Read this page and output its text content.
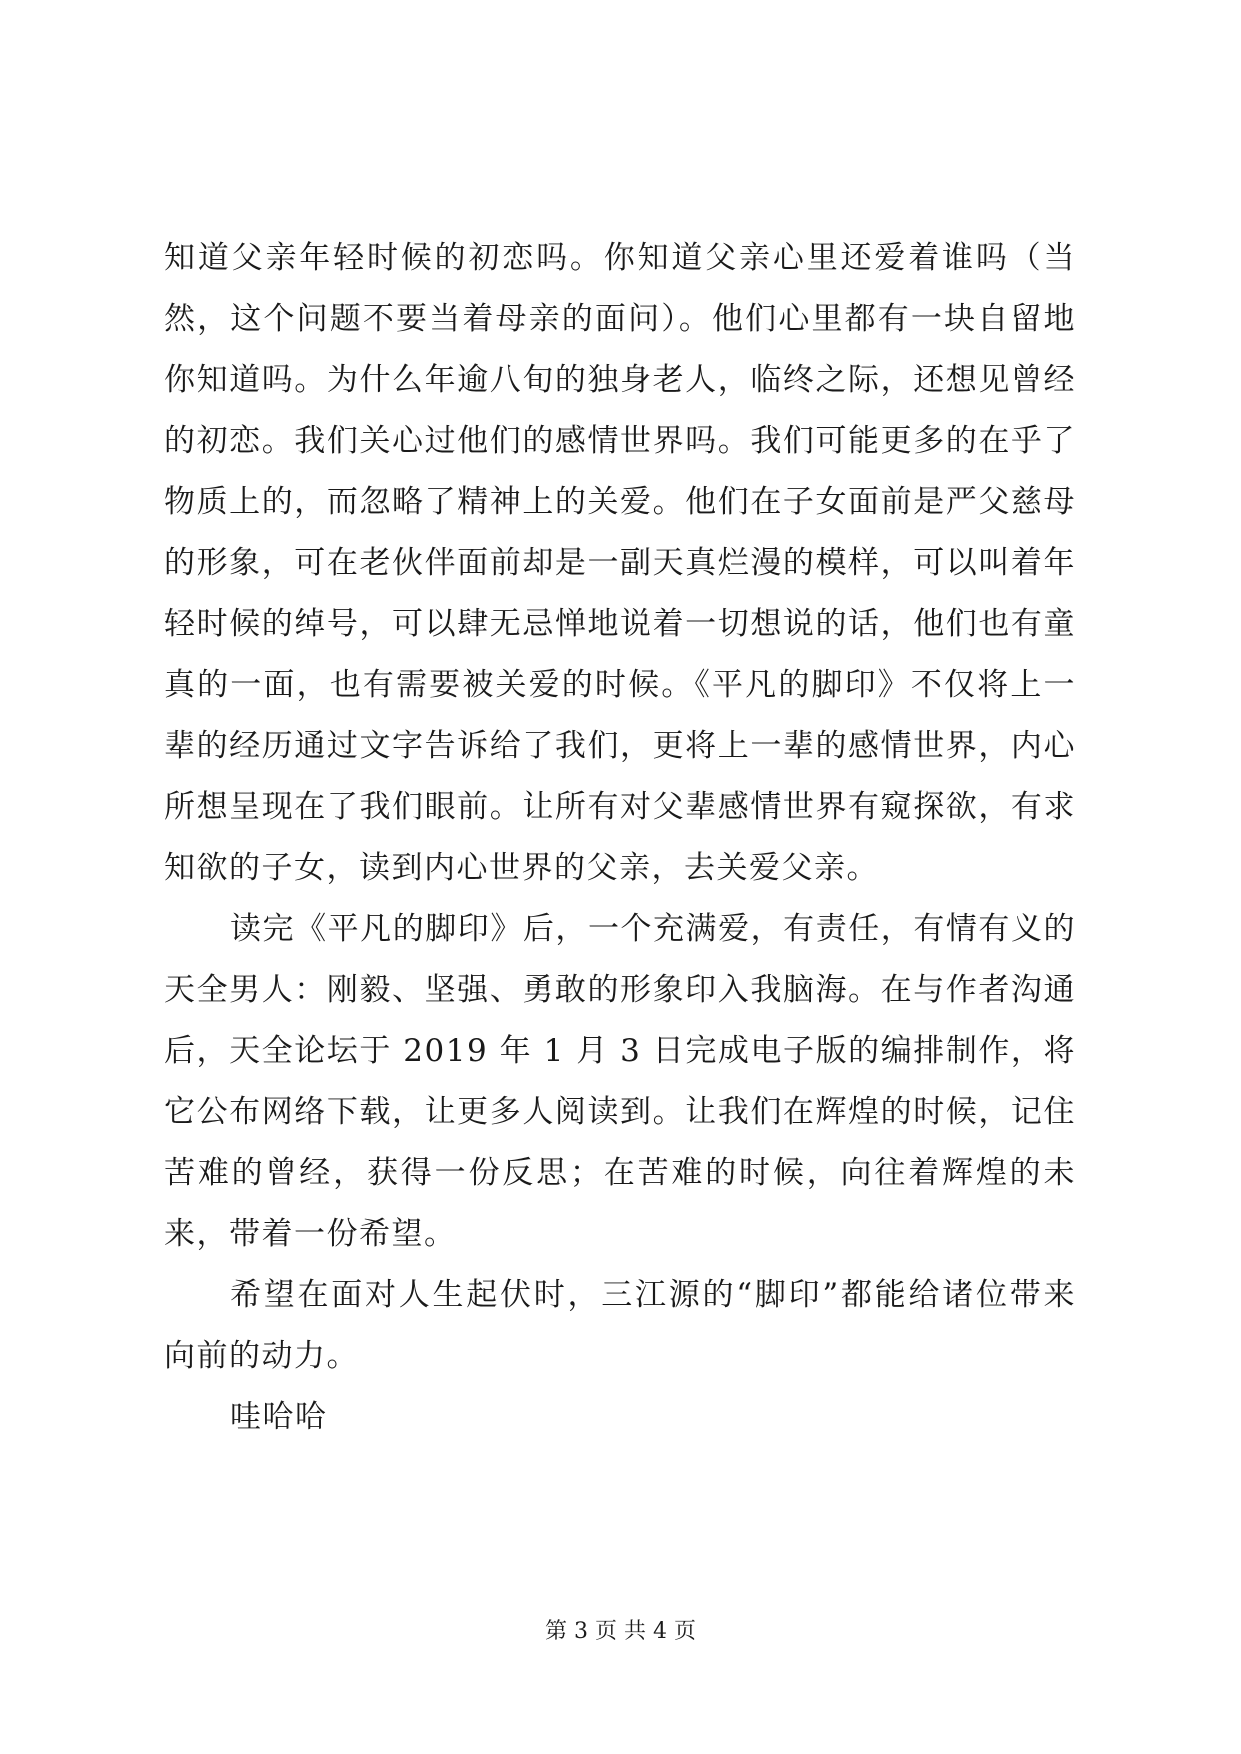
知道父亲年轻时候的初恋吗。你知道父亲心里还爱着谁吗（当然，这个问题不要当着母亲的面问）。他们心里都有一块自留地你知道吗。为什么年逾八旬的独身老人，临终之际，还想见曾经的初恋。我们关心过他们的感情世界吗。我们可能更多的在乎了物质上的，而忽略了精神上的关爱。他们在子女面前是严父慈母的形象，可在老伙伴面前却是一副天真烂漫的模样，可以叫着年轻时候的绰号，可以肆无忌惮地说着一切想说的话，他们也有童真的一面，也有需要被关爱的时候。《平凡的脚印》不仅将上一辈的经历通过文字告诉给了我们，更将上一辈的感情世界，内心所想呈现在了我们眼前。让所有对父辈感情世界有窥探欲，有求知欲的子女，读到内心世界的父亲，去关爱父亲。

读完《平凡的脚印》后，一个充满爱，有责任，有情有义的天全男人：刚毅、坚强、勇敢的形象印入我脑海。在与作者沟通后，天全论坛于 2019 年 1 月 3 日完成电子版的编排制作，将它公布网络下载，让更多人阅读到。让我们在辉煌的时候，记住苦难的曾经，获得一份反思；在苦难的时候，向往着辉煌的未来，带着一份希望。

希望在面对人生起伏时，三江源的“脚印”都能给诸位带来向前的动力。

哇哈哈

第 3 页 共 4 页
